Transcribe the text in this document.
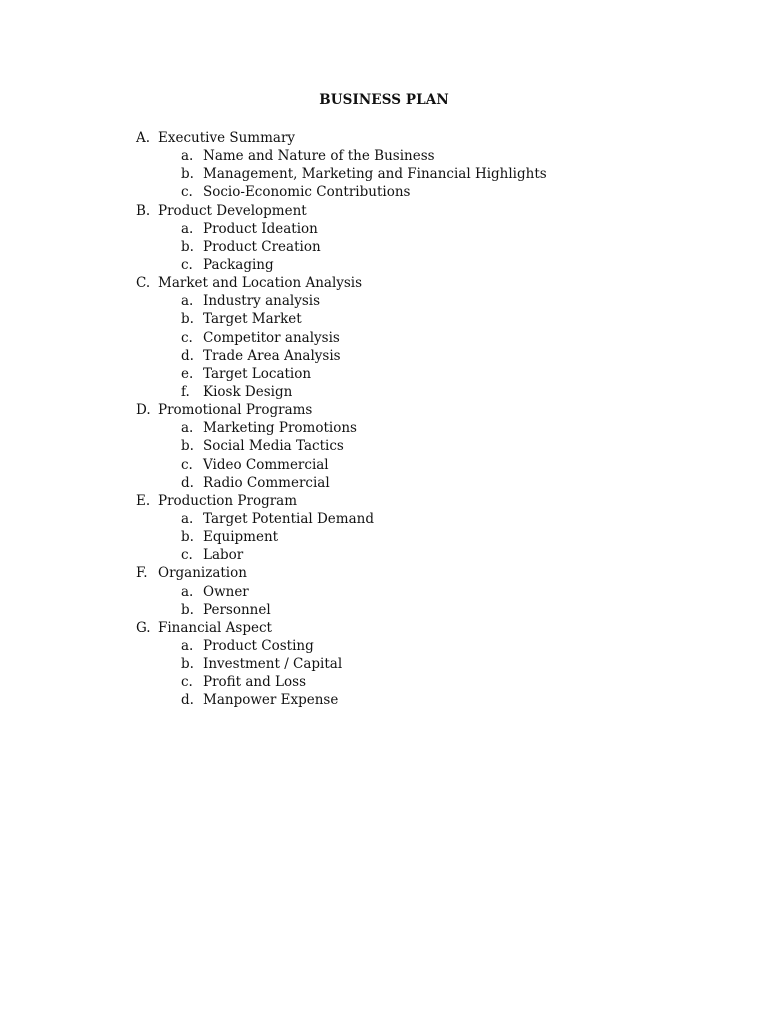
BUSINESS PLAN
A. Executive Summary
a. Name and Nature of the Business
b. Management, Marketing and Financial Highlights
c. Socio-Economic Contributions
B. Product Development
a. Product Ideation
b. Product Creation
c. Packaging
C. Market and Location Analysis
a. Industry analysis
b. Target Market
c. Competitor analysis
d. Trade Area Analysis
e. Target Location
f. Kiosk Design
D. Promotional Programs
a. Marketing Promotions
b. Social Media Tactics
c. Video Commercial
d. Radio Commercial
E. Production Program
a. Target Potential Demand
b. Equipment
c. Labor
F. Organization
a. Owner
b. Personnel
G. Financial Aspect
a. Product Costing
b. Investment / Capital
c. Profit and Loss
d. Manpower Expense
